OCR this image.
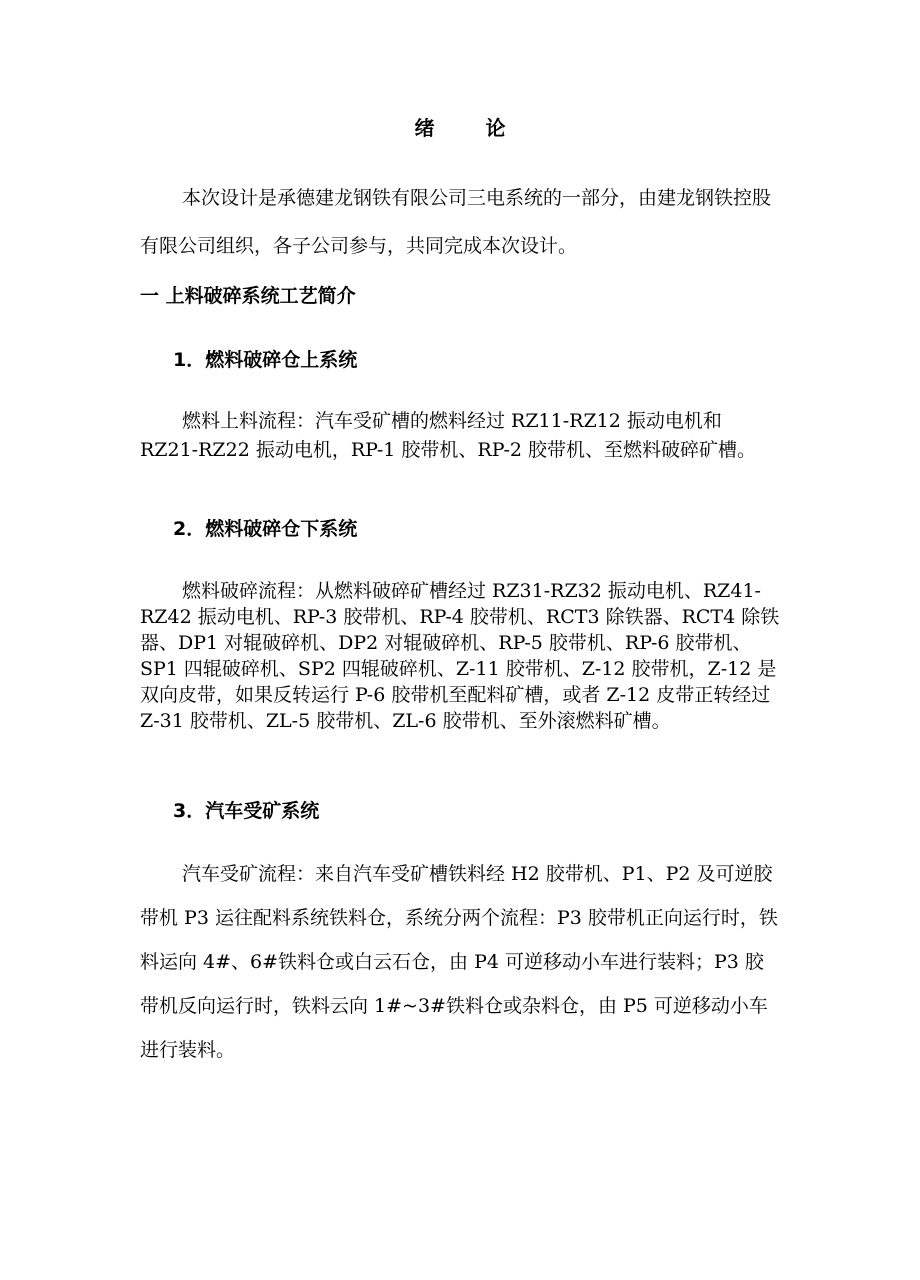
绪 论

本次设计是承德建龙钢铁有限公司三电系统的一部分，由建龙钢铁控股有限公司组织，各子公司参与，共同完成本次设计。

一 上料破碎系统工艺简介
1．燃料破碎仓上系统

燃料上料流程：汽车受矿槽的燃料经过 RZ11-RZ12 振动电机和 RZ21-RZ22 振动电机，RP-1 胶带机、RP-2 胶带机、至燃料破碎矿槽。

2．燃料破碎仓下系统

燃料破碎流程：从燃料破碎矿槽经过 RZ31-RZ32 振动电机、RZ41-RZ42 振动电机、RP-3 胶带机、RP-4 胶带机、RCT3 除铁器、RCT4 除铁器、DP1 对辊破碎机、DP2 对辊破碎机、RP-5 胶带机、RP-6 胶带机、SP1 四辊破碎机、SP2 四辊破碎机、Z-11 胶带机、Z-12 胶带机，Z-12 是双向皮带，如果反转运行 P-6 胶带机至配料矿槽，或者 Z-12 皮带正转经过 Z-31 胶带机、ZL-5 胶带机、ZL-6 胶带机、至外滚燃料矿槽。

3．汽车受矿系统

汽车受矿流程：来自汽车受矿槽铁料经 H2 胶带机、P1、P2 及可逆胶带机 P3 运往配料系统铁料仓，系统分两个流程：P3 胶带机正向运行时，铁料运向 4#、6#铁料仓或白云石仓，由 P4 可逆移动小车进行装料；P3 胶带机反向运行时，铁料云向 1#~3#铁料仓或杂料仓，由 P5 可逆移动小车进行装料。
